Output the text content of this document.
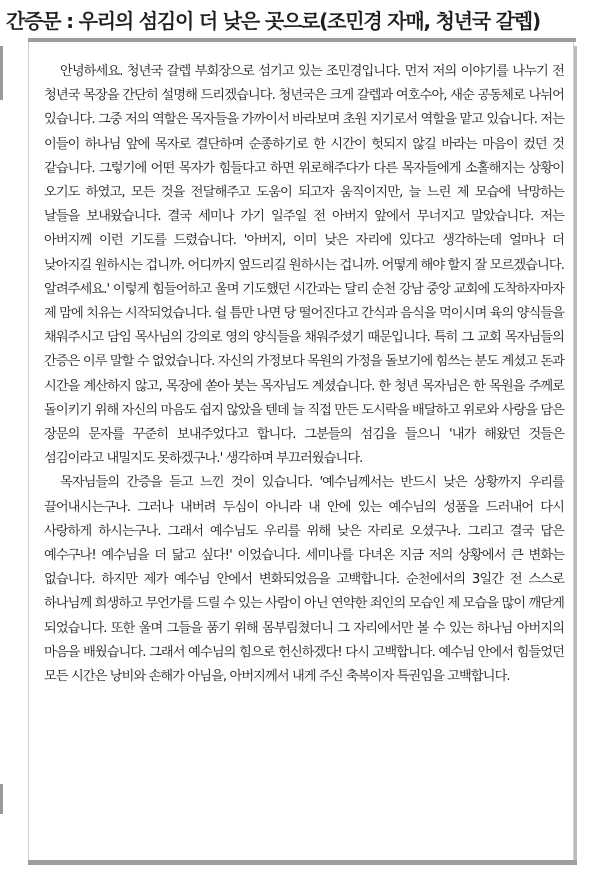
간증문 : 우리의 섬김이 더 낮은 곳으로(조민경 자매, 청년국 갈렙)

안녕하세요. 청년국 갈렙 부회장으로 섬기고 있는 조민경입니다. 먼저 저의 이야기를 나누기 전 청년국 목장을 간단히 설명해 드리겠습니다. 청년국은 크게 갈렙과 여호수아, 새순 공동체로 나뉘어 있습니다. 그중 저의 역할은 목자들을 가까이서 바라보며 초원 지기로서 역할을 맡고 있습니다. 저는 이들이 하나님 앞에 목자로 결단하며 순종하기로 한 시간이 헛되지 않길 바라는 마음이 컸던 것 같습니다. 그렇기에 어떤 목자가 힘들다고 하면 위로해주다가 다른 목자들에게 소홀해지는 상황이 오기도 하였고, 모든 것을 전달해주고 도움이 되고자 움직이지만, 늘 느린 제 모습에 낙망하는 날들을 보내왔습니다. 결국 세미나 가기 일주일 전 아버지 앞에서 무너지고 말았습니다. 저는 아버지께 이런 기도를 드렸습니다. '아버지, 이미 낮은 자리에 있다고 생각하는데 얼마나 더 낮아지길 원하시는 겁니까. 어디까지 엎드리길 원하시는 겁니까. 어떻게 해야 할지 잘 모르겠습니다. 알려주세요.' 이렇게 힘들어하고 울며 기도했던 시간과는 달리 순천 강남 중앙 교회에 도착하자마자 제 맘에 치유는 시작되었습니다. 쉴 틈만 나면 당 떨어진다고 간식과 음식을 먹이시며 육의 양식들을 채워주시고 담임 목사님의 강의로 영의 양식들을 채워주셨기 때문입니다. 특히 그 교회 목자님들의 간증은 이루 말할 수 없었습니다. 자신의 가정보다 목원의 가정을 돌보기에 힘쓰는 분도 계셨고 돈과 시간을 계산하지 않고, 목장에 쏟아 붓는 목자님도 계셨습니다. 한 청년 목자님은 한 목원을 주께로 돌이키기 위해 자신의 마음도 쉽지 않았을 텐데 늘 직접 만든 도시락을 배달하고 위로와 사랑을 담은 장문의 문자를 꾸준히 보내주었다고 합니다. 그분들의 섬김을 들으니 '내가 해왔던 것들은 섬김이라고 내밀지도 못하겠구나.' 생각하며 부끄러웠습니다.

목자님들의 간증을 듣고 느낀 것이 있습니다. '예수님께서는 반드시 낮은 상황까지 우리를 끌어내시는구나. 그러나 내버려 두심이 아니라 내 안에 있는 예수님의 성품을 드러내어 다시 사랑하게 하시는구나. 그래서 예수님도 우리를 위해 낮은 자리로 오셨구나. 그리고 결국 답은 예수구나! 예수님을 더 닮고 싶다!' 이었습니다. 세미나를 다녀온 지금 저의 상황에서 큰 변화는 없습니다. 하지만 제가 예수님 안에서 변화되었음을 고백합니다. 순천에서의 3일간 전 스스로 하나님께 희생하고 무언가를 드릴 수 있는 사람이 아닌 연약한 죄인의 모습인 제 모습을 많이 깨닫게 되었습니다. 또한 울며 그들을 품기 위해 몸부림쳤더니 그 자리에서만 볼 수 있는 하나님 아버지의 마음을 배웠습니다. 그래서 예수님의 힘으로 헌신하겠다! 다시 고백합니다. 예수님 안에서 힘들었던 모든 시간은 낭비와 손해가 아님을, 아버지께서 내게 주신 축복이자 특권임을 고백합니다.
